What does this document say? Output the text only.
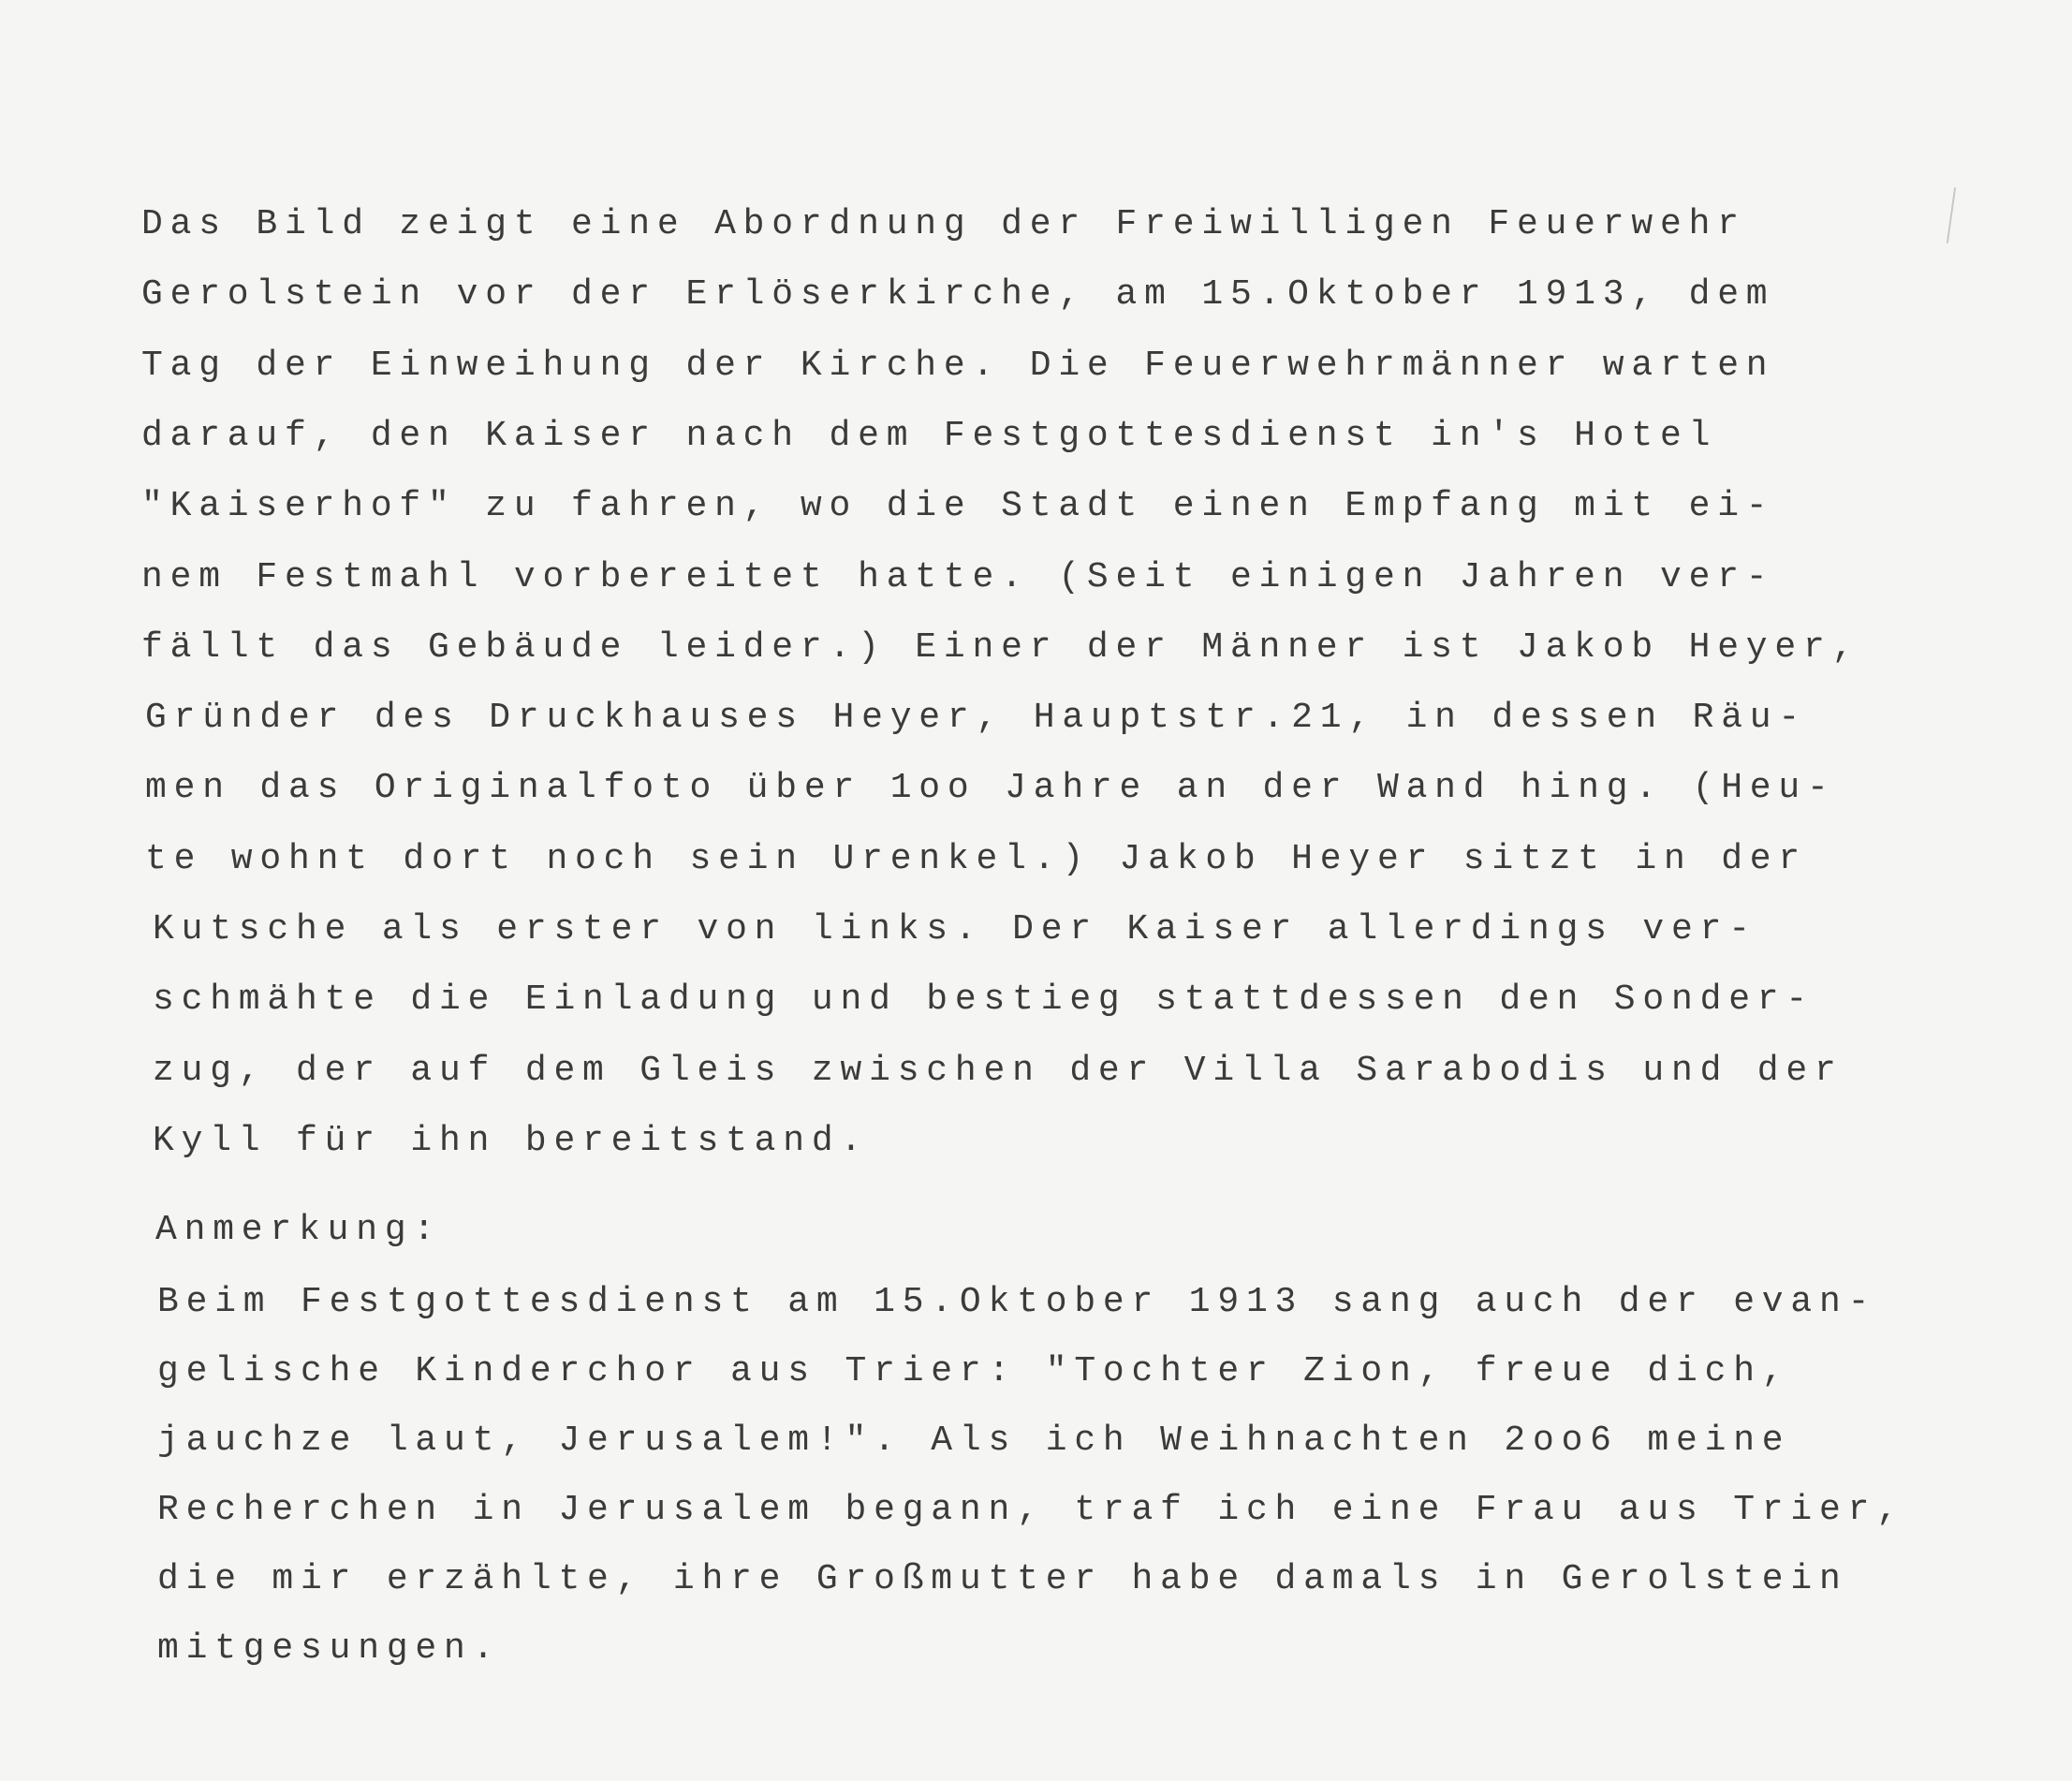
Das Bild zeigt eine Abordnung der Freiwilligen Feuerwehr
Gerolstein vor der Erlöserkirche, am 15.Oktober 1913, dem
Tag der Einweihung der Kirche. Die Feuerwehrmänner warten
darauf, den Kaiser nach dem Festgottesdienst in's Hotel
"Kaiserhof" zu fahren, wo die Stadt einen Empfang mit ei-
nem Festmahl vorbereitet hatte. (Seit einigen Jahren ver-
fällt das Gebäude leider.) Einer der Männer ist Jakob Heyer,
Gründer des Druckhauses Heyer, Hauptstr.21, in dessen Räu-
men das Originalfoto über 1oo Jahre an der Wand hing. (Heu-
te wohnt dort noch sein Urenkel.) Jakob Heyer sitzt in der
Kutsche als erster von links. Der Kaiser allerdings ver-
schmähte die Einladung und bestieg stattdessen den Sonder-
zug, der auf dem Gleis zwischen der Villa Sarabodis und der
Kyll für ihn bereitstand.
Anmerkung:
Beim Festgottesdienst am 15.Oktober 1913 sang auch der evan-
gelische Kinderchor aus Trier: "Tochter Zion, freue dich,
jauchze laut, Jerusalem!". Als ich Weihnachten 2oo6 meine
Recherchen in Jerusalem begann, traf ich eine Frau aus Trier,
die mir erzählte, ihre Großmutter habe damals in Gerolstein
mitgesungen.
